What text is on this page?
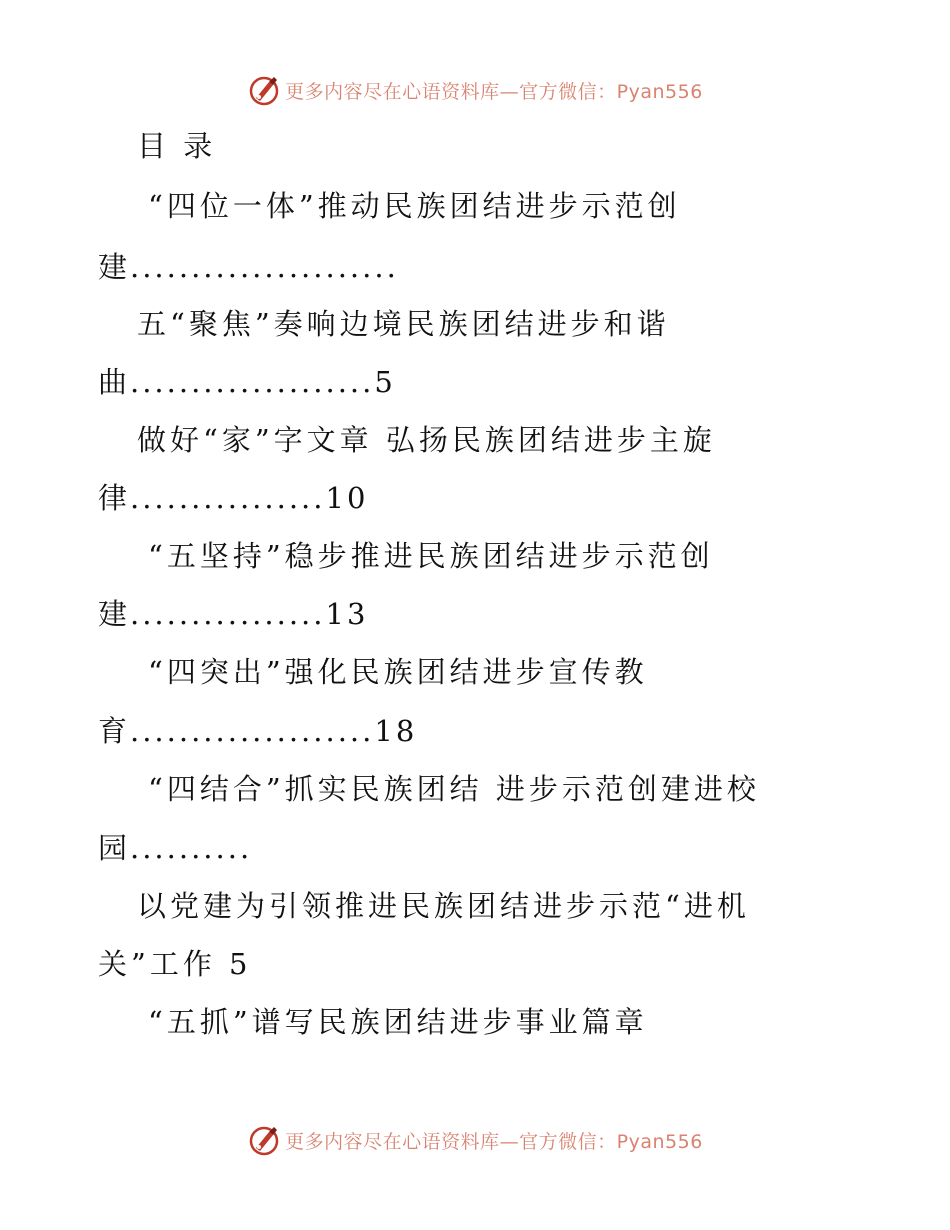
更多内容尽在心语资料库—官方微信：Pyan556
目 录
“四位一体”推动民族团结进步示范创
建......................
五“聚焦”奏响边境民族团结进步和谐
曲....................5
做好“家”字文章 弘扬民族团结进步主旋
律................10
“五坚持”稳步推进民族团结进步示范创
建................13
“四突出”强化民族团结进步宣传教
育....................18
“四结合”抓实民族团结 进步示范创建进校
园..........
以党建为引领推进民族团结进步示范“进机
关”工作 5
“五抓”谱写民族团结进步事业篇章
更多内容尽在心语资料库—官方微信：Pyan556
